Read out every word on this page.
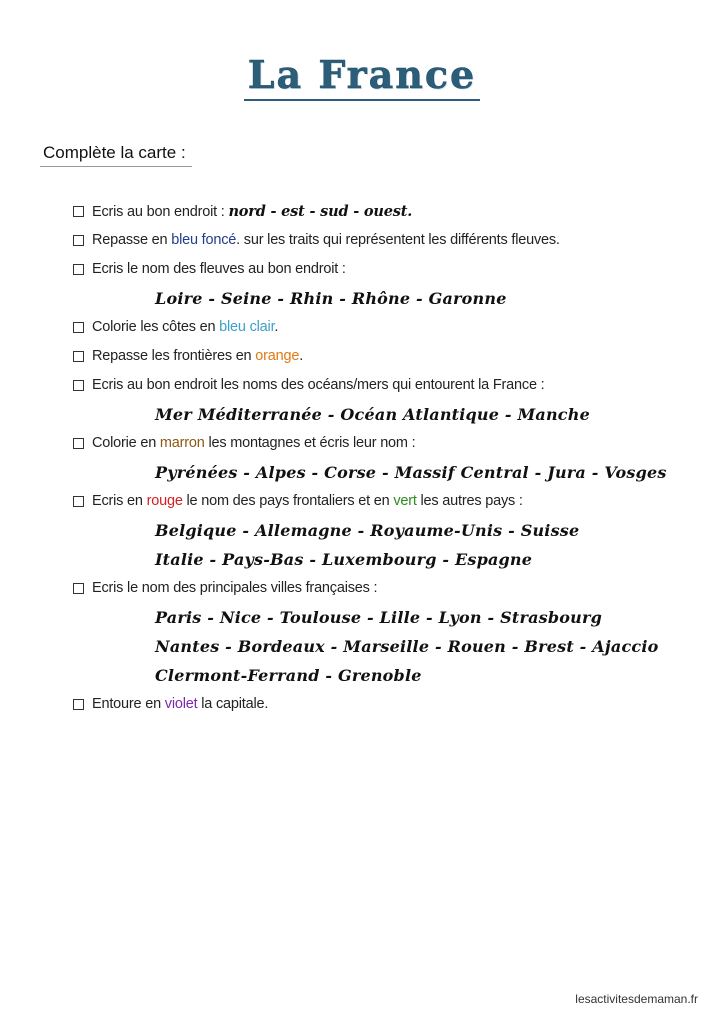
La France
Complète la carte :
Ecris au bon endroit : nord - est - sud - ouest.
Repasse en bleu foncé. sur les traits qui représentent les différents fleuves.
Ecris le nom des fleuves au bon endroit :
Loire - Seine - Rhin - Rhône - Garonne
Colorie les côtes en bleu clair.
Repasse les frontières en orange.
Ecris au bon endroit les noms des océans/mers qui entourent la France :
Mer Méditerranée - Océan Atlantique - Manche
Colorie en marron les montagnes et écris leur nom :
Pyrénées - Alpes - Corse - Massif Central - Jura - Vosges
Ecris en rouge le nom des pays frontaliers et en vert les autres pays :
Belgique - Allemagne - Royaume-Unis - Suisse
Italie - Pays-Bas - Luxembourg - Espagne
Ecris le nom des principales villes françaises :
Paris - Nice - Toulouse - Lille - Lyon - Strasbourg
Nantes - Bordeaux - Marseille - Rouen - Brest - Ajaccio
Clermont-Ferrand - Grenoble
Entoure en violet la capitale.
lesactivitesdemaman.fr
